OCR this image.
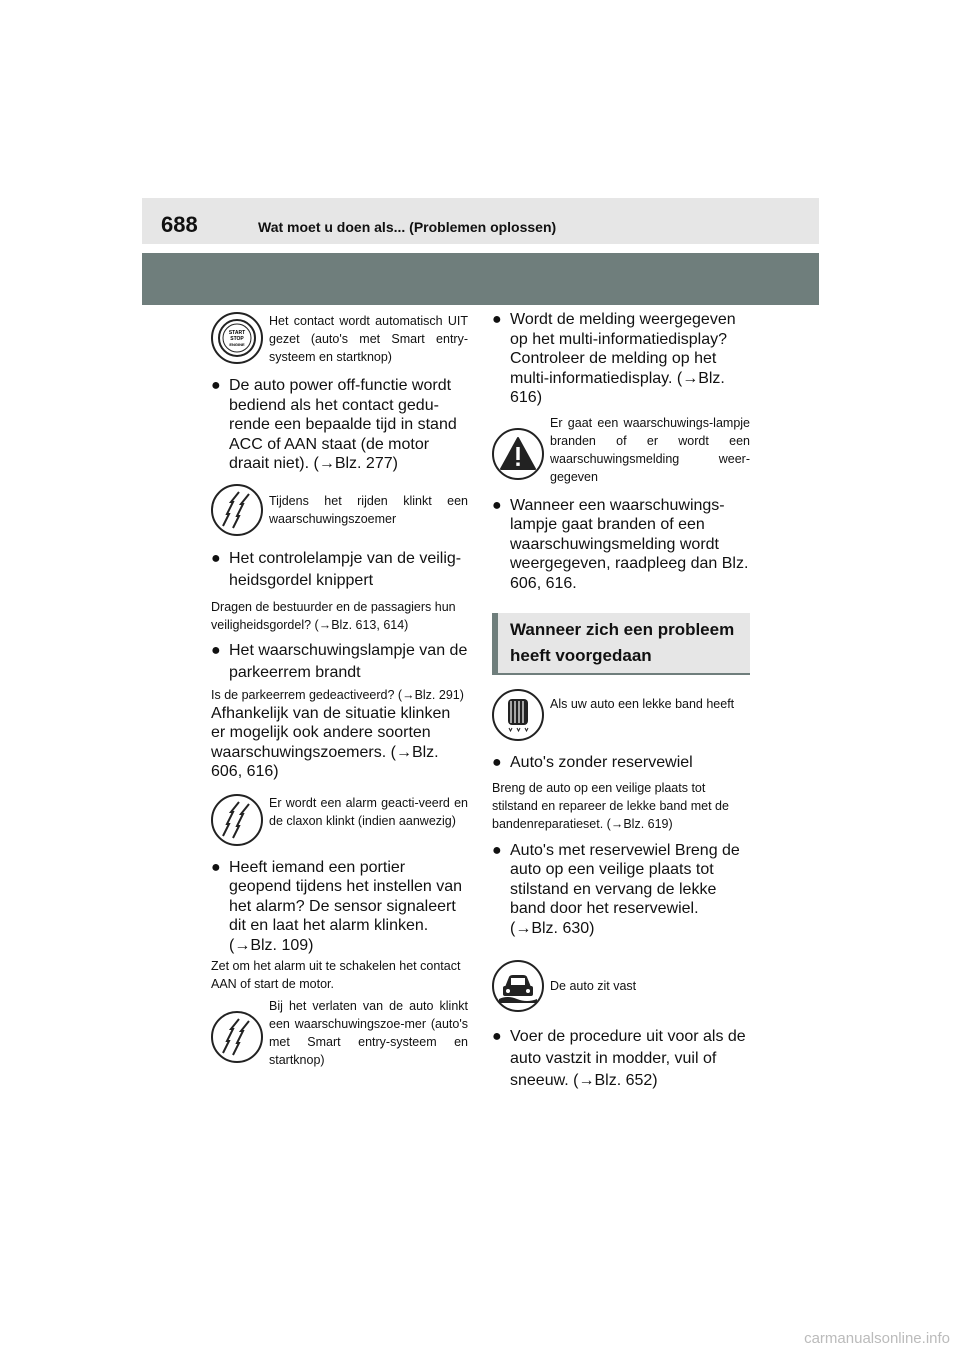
688	Wat moet u doen als... (Problemen oplossen)
START
STOP
ENGINE
Het contact wordt automatisch UIT gezet (auto's met Smart entry-systeem en startknop)

● De auto power off-functie wordt bediend als het contact gedu-rende een bepaalde tijd in stand ACC of AAN staat (de motor draait niet). (→Blz. 277)

Tijdens het rijden klinkt een waarschuwingszoemer

● Het controlelampje van de veilig-heidsgordel knippert

Dragen de bestuurder en de passagiers hun veiligheidsgordel? (→Blz. 613, 614)

● Het waarschuwingslampje van de parkeerrem brandt

Is de parkeerrem gedeactiveerd? (→Blz. 291)

Afhankelijk van de situatie klinken er mogelijk ook andere soorten waarschuwingszoemers. (→Blz. 606, 616)

Er wordt een alarm geacti-veerd en de claxon klinkt (indien aanwezig)

● Heeft iemand een portier geopend tijdens het instellen van het alarm? De sensor signaleert dit en laat het alarm klinken. (→Blz. 109)

Zet om het alarm uit te schakelen het contact AAN of start de motor.

Bij het verlaten van de auto klinkt een waarschuwingszoe-mer (auto's met Smart entry-systeem en startknop)

● Wordt de melding weergegeven op het multi-informatiedisplay? Controleer de melding op het multi-informatiedisplay. (→Blz. 616)

Er gaat een waarschuwings-lampje branden of er wordt een waarschuwingsmelding weer-gegeven

● Wanneer een waarschuwings-lampje gaat branden of een waarschuwingsmelding wordt weergegeven, raadpleeg dan Blz. 606, 616.

Wanneer zich een probleem heeft voorgedaan
Als uw auto een lekke band heeft

● Auto's zonder reservewiel

Breng de auto op een veilige plaats tot stilstand en repareer de lekke band met de bandenreparatieset. (→Blz. 619)

● Auto's met reservewiel Breng de auto op een veilige plaats tot stilstand en vervang de lekke band door het reservewiel. (→Blz. 630)

De auto zit vast

● Voer de procedure uit voor als de auto vastzit in modder, vuil of sneeuw. (→Blz. 652)

carmanualsonline.info
